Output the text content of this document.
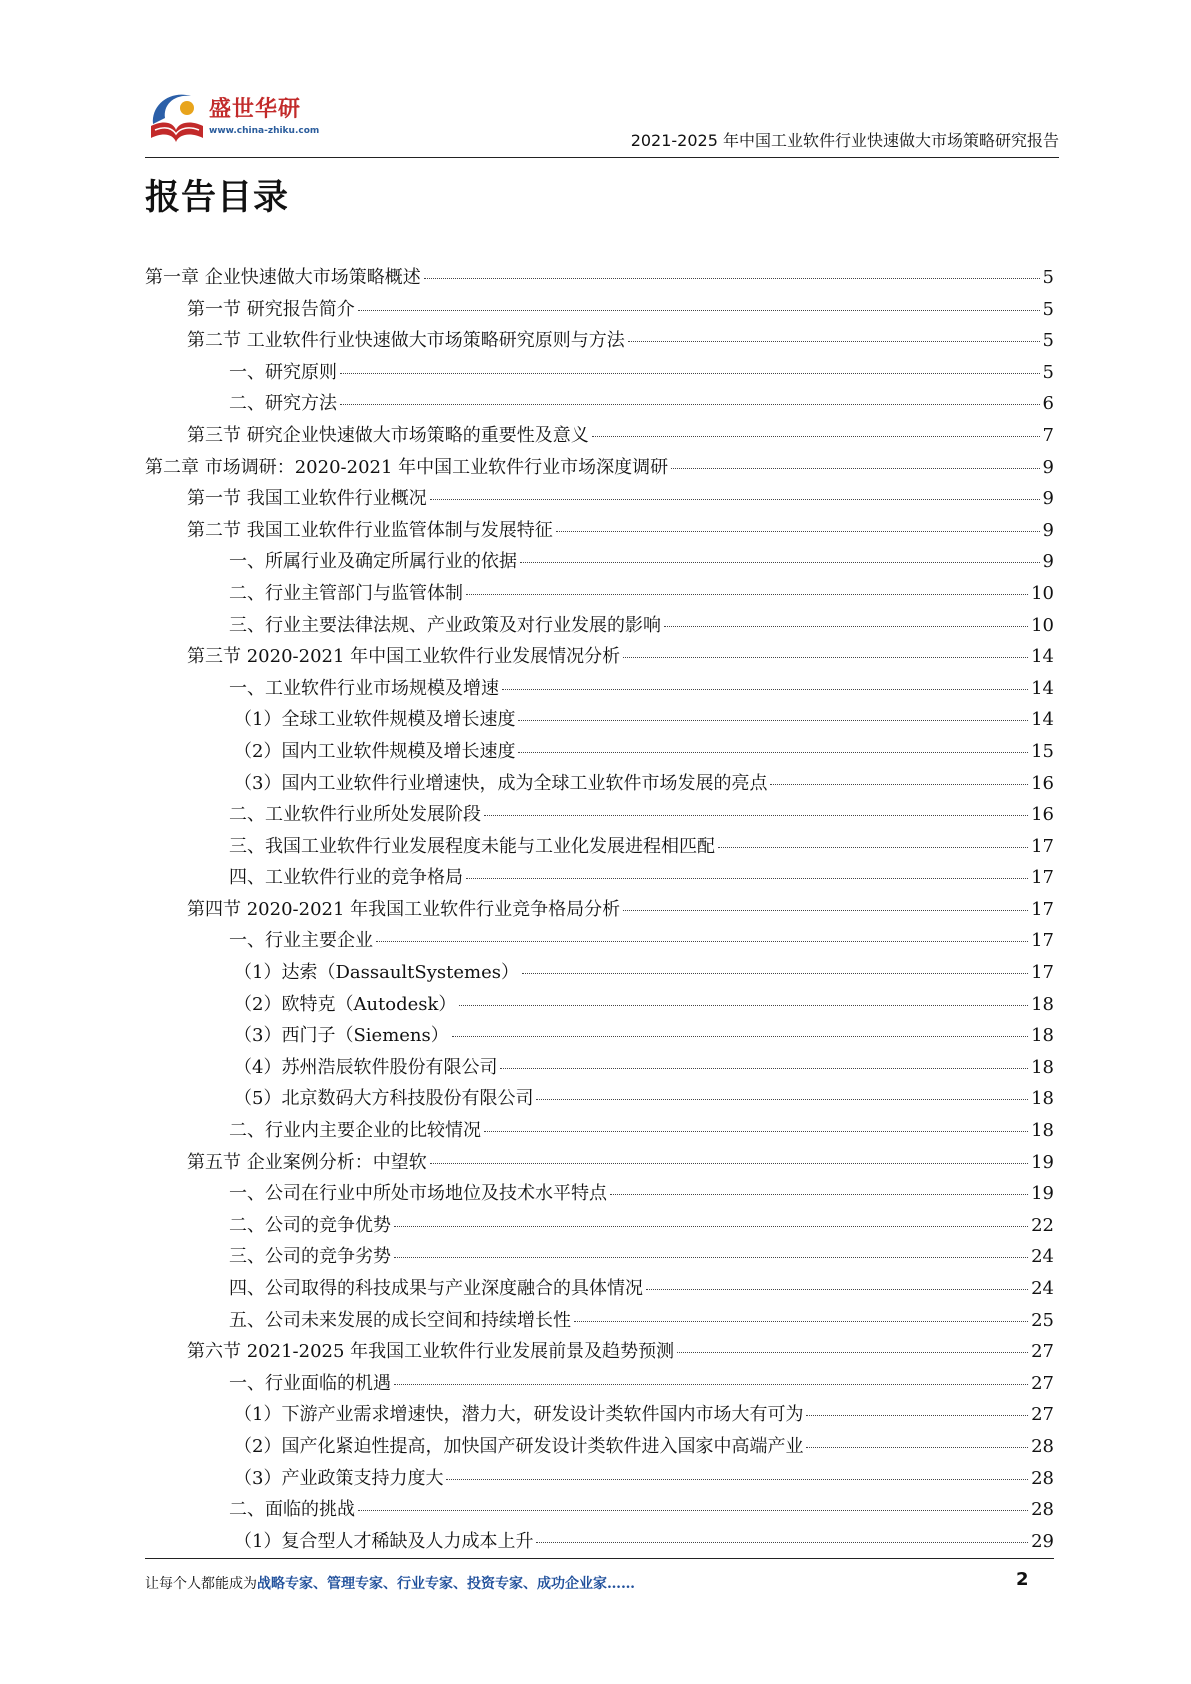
盛世华研
www.china-zhiku.com	2021-2025 年中国工业软件行业快速做大市场策略研究报告
报告目录
第一章 企业快速做大市场策略概述	5
第一节 研究报告简介	5
第二节 工业软件行业快速做大市场策略研究原则与方法	5
一、研究原则	5
二、研究方法	6
第三节 研究企业快速做大市场策略的重要性及意义	7
第二章 市场调研：2020-2021 年中国工业软件行业市场深度调研	9
第一节 我国工业软件行业概况	9
第二节 我国工业软件行业监管体制与发展特征	9
一、所属行业及确定所属行业的依据	9
二、行业主管部门与监管体制	10
三、行业主要法律法规、产业政策及对行业发展的影响	10
第三节 2020-2021 年中国工业软件行业发展情况分析	14
一、工业软件行业市场规模及增速	14
（1）全球工业软件规模及增长速度	14
（2）国内工业软件规模及增长速度	15
（3）国内工业软件行业增速快，成为全球工业软件市场发展的亮点	16
二、工业软件行业所处发展阶段	16
三、我国工业软件行业发展程度未能与工业化发展进程相匹配	17
四、工业软件行业的竞争格局	17
第四节 2020-2021 年我国工业软件行业竞争格局分析	17
一、行业主要企业	17
（1）达索（DassaultSystemes）	17
（2）欧特克（Autodesk）	18
（3）西门子（Siemens）	18
（4）苏州浩辰软件股份有限公司	18
（5）北京数码大方科技股份有限公司	18
二、行业内主要企业的比较情况	18
第五节 企业案例分析：中望软	19
一、公司在行业中所处市场地位及技术水平特点	19
二、公司的竞争优势	22
三、公司的竞争劣势	24
四、公司取得的科技成果与产业深度融合的具体情况	24
五、公司未来发展的成长空间和持续增长性	25
第六节 2021-2025 年我国工业软件行业发展前景及趋势预测	27
一、行业面临的机遇	27
（1）下游产业需求增速快，潜力大，研发设计类软件国内市场大有可为	27
（2）国产化紧迫性提高，加快国产研发设计类软件进入国家中高端产业	28
（3）产业政策支持力度大	28
二、面临的挑战	28
（1）复合型人才稀缺及人力成本上升	29
让每个人都能成为战略专家、管理专家、行业专家、投资专家、成功企业家……	2
